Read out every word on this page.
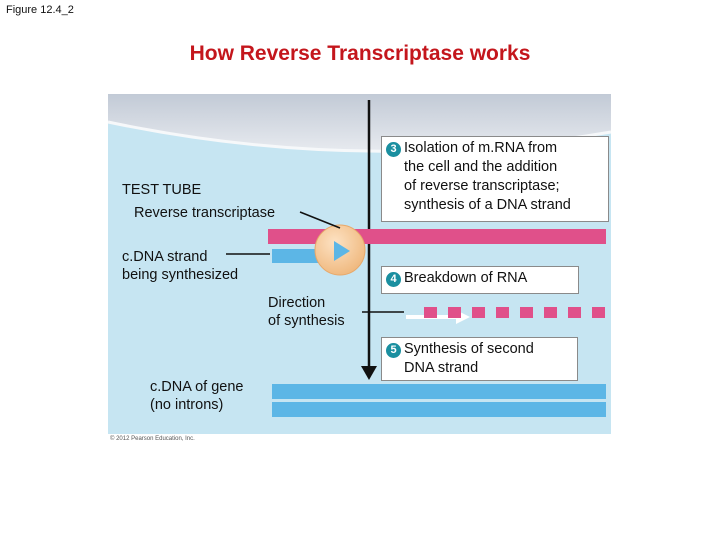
Figure 12.4_2
How Reverse Transcriptase works
TEST TUBE
Reverse transcriptase
c.DNA strand
being synthesized
Direction
of synthesis
c.DNA of gene
(no introns)
3 Isolation of m.RNA from
the cell and the addition
of reverse transcriptase;
synthesis of a DNA strand
4 Breakdown of RNA
5 Synthesis of second
DNA strand
© 2012 Pearson Education, Inc.
